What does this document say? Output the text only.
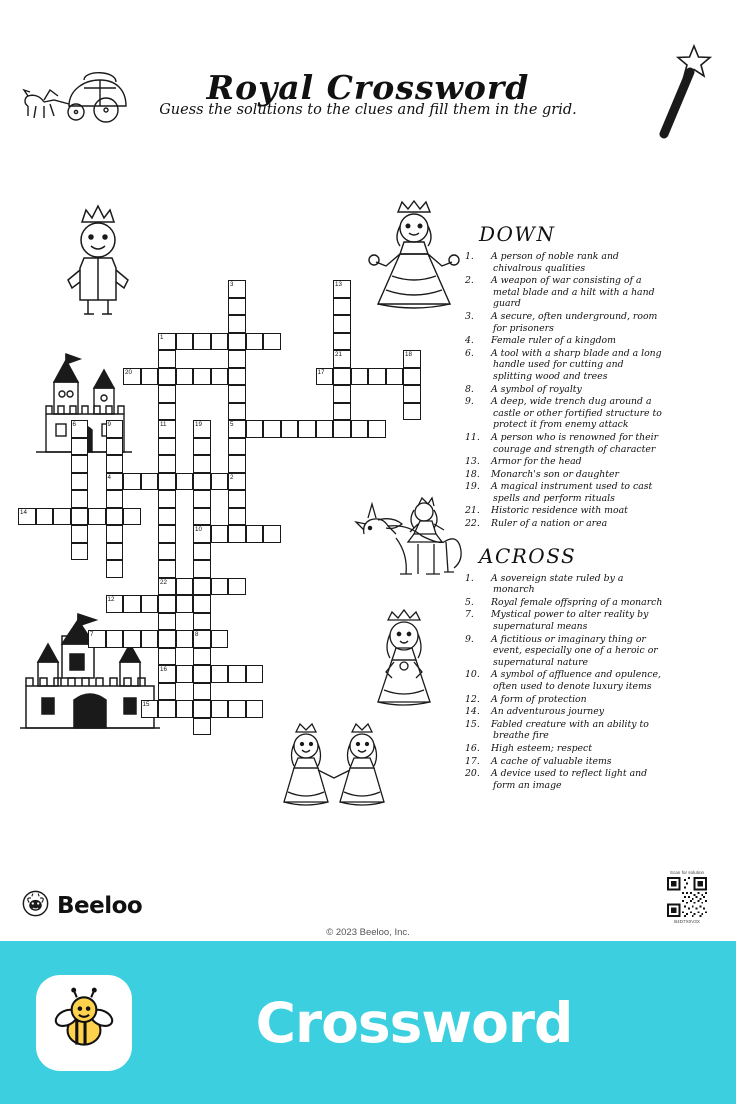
Royal Crossword
Guess the solutions to the clues and fill them in the grid.
DOWN
1.A person of noble rank and chivalrous qualities
2.A weapon of war consisting of a metal blade and a hilt with a hand guard
3.A secure, often underground, room for prisoners
4.Female ruler of a kingdom
6.A tool with a sharp blade and a long handle used for cutting and splitting wood and trees
8.A symbol of royalty
9.A deep, wide trench dug around a castle or other fortified structure to protect it from enemy attack
11.A person who is renowned for their courage and strength of character
13.Armor for the head
18.Monarch's son or daughter
19.A magical instrument used to cast spells and perform rituals
21.Historic residence with moat
22.Ruler of a nation or area
ACROSS
1.A sovereign state ruled by a monarch
5.Royal female offspring of a monarch
7.Mystical power to alter reality by supernatural means
9.A fictitious or imaginary thing or event, especially one of a heroic or supernatural nature
10.A symbol of affluence and opulence, often used to denote luxury items
12.A form of protection
14.An adventurous journey
15.Fabled creature with an ability to breathe fire
16.High esteem; respect
17.A cache of valuable items
20.A device used to reflect light and form an image
3	13
1
21	18
20	17
6	9	11	19	5
4	2
14
10
22
12
7	8
16
15
Beeloo
© 2023 Beeloo, Inc.
Scan for solution
B4D7X0V3X
Crossword
